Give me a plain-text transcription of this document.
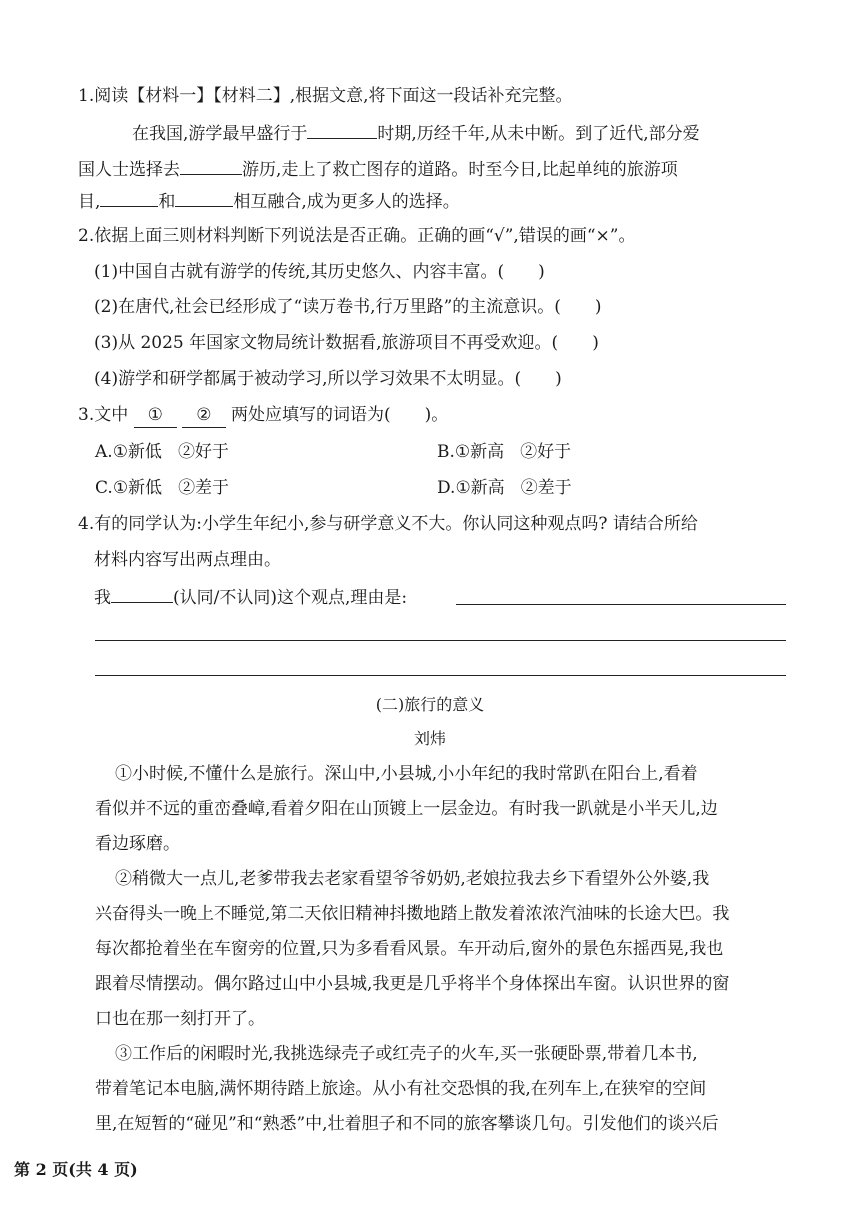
1.阅读【材料一】【材料二】,根据文意,将下面这一段话补充完整。
在我国,游学最早盛行于	时期,历经千年,从未中断。到了近代,部分爱
国人士选择去	游历,走上了救亡图存的道路。时至今日,比起单纯的旅游项
目,	和	相互融合,成为更多人的选择。
2.依据上面三则材料判断下列说法是否正确。正确的画“√”,错误的画“×”。
(1)中国自古就有游学的传统,其历史悠久、内容丰富。( )
(2)在唐代,社会已经形成了“读万卷书,行万里路”的主流意识。( )
(3)从 2025 年国家文物局统计数据看,旅游项目不再受欢迎。( )
(4)游学和研学都属于被动学习,所以学习效果不太明显。( )
3.文中 ① ② 两处应填写的词语为( )。
A.①新低 ②好于	B.①新高 ②好于
C.①新低 ②差于	D.①新高 ②差于
4.有的同学认为:小学生年纪小,参与研学意义不大。你认同这种观点吗? 请结合所给
材料内容写出两点理由。
我	(认同/不认同)这个观点,理由是:
(二)旅行的意义
刘炜
①小时候,不懂什么是旅行。深山中,小县城,小小年纪的我时常趴在阳台上,看着
看似并不远的重峦叠嶂,看着夕阳在山顶镀上一层金边。有时我一趴就是小半天儿,边
看边琢磨。
②稍微大一点儿,老爹带我去老家看望爷爷奶奶,老娘拉我去乡下看望外公外婆,我
兴奋得头一晚上不睡觉,第二天依旧精神抖擞地踏上散发着浓浓汽油味的长途大巴。我
每次都抢着坐在车窗旁的位置,只为多看看风景。车开动后,窗外的景色东摇西晃,我也
跟着尽情摆动。偶尔路过山中小县城,我更是几乎将半个身体探出车窗。认识世界的窗
口也在那一刻打开了。
③工作后的闲暇时光,我挑选绿壳子或红壳子的火车,买一张硬卧票,带着几本书,
带着笔记本电脑,满怀期待踏上旅途。从小有社交恐惧的我,在列车上,在狭窄的空间
里,在短暂的“碰见”和“熟悉”中,壮着胆子和不同的旅客攀谈几句。引发他们的谈兴后
第 2 页(共 4 页)
